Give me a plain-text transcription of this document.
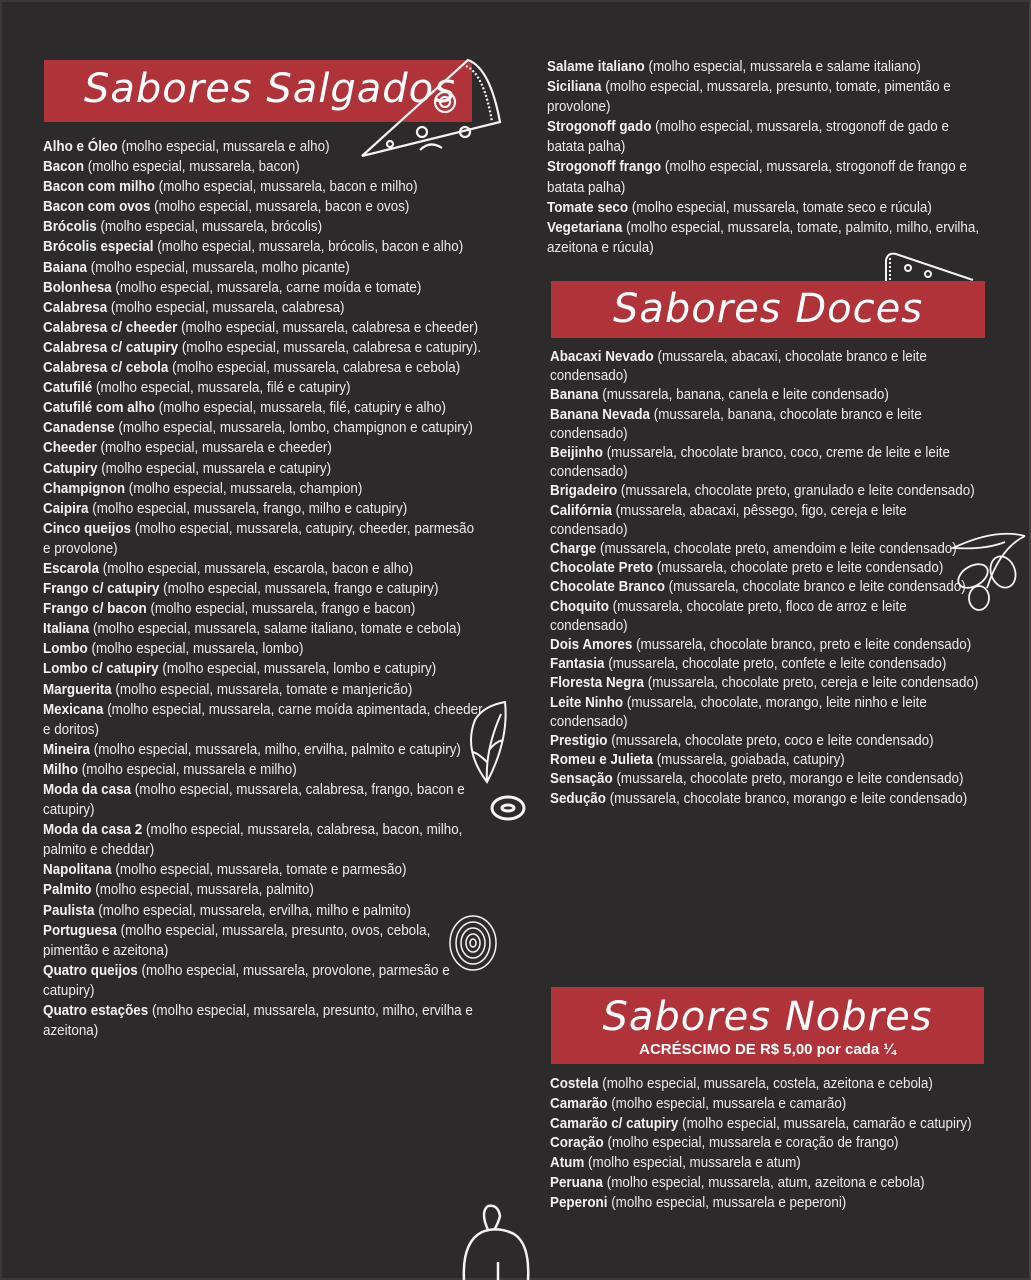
Sabores Salgados

Alho e Óleo (molho especial, mussarela e alho)

Bacon (molho especial, mussarela, bacon)

Bacon com milho (molho especial, mussarela, bacon e milho)

Bacon com ovos (molho especial, mussarela, bacon e ovos)

Brócolis (molho especial, mussarela, brócolis)

Brócolis especial (molho especial, mussarela, brócolis, bacon e alho)

Baiana (molho especial, mussarela, molho picante)

Bolonhesa (molho especial, mussarela, carne moída e tomate)

Calabresa (molho especial, mussarela, calabresa)

Calabresa c/ cheeder (molho especial, mussarela, calabresa e cheeder)

Calabresa c/ catupiry (molho especial, mussarela, calabresa e catupiry).

Calabresa c/ cebola (molho especial, mussarela, calabresa e cebola)

Catufilé (molho especial, mussarela, filé e catupiry)

Catufilé com alho (molho especial, mussarela, filé, catupiry e alho)

Canadense (molho especial, mussarela, lombo, champignon e catupiry)

Cheeder (molho especial, mussarela e cheeder)

Catupiry (molho especial, mussarela e catupiry)

Champignon (molho especial, mussarela, champion)

Caipira (molho especial, mussarela, frango, milho e catupiry)

Cinco queijos (molho especial, mussarela, catupiry, cheeder, parmesão e provolone)

Escarola (molho especial, mussarela, escarola, bacon e alho)

Frango c/ catupiry (molho especial, mussarela, frango e catupiry)

Frango c/ bacon (molho especial, mussarela, frango e bacon)

Italiana (molho especial, mussarela, salame italiano, tomate e cebola)

Lombo (molho especial, mussarela, lombo)

Lombo c/ catupiry (molho especial, mussarela, lombo e catupiry)

Marguerita (molho especial, mussarela, tomate e manjericão)

Mexicana (molho especial, mussarela, carne moída apimentada, cheeder e doritos)

Mineira (molho especial, mussarela, milho, ervilha, palmito e catupiry)

Milho (molho especial, mussarela e milho)

Moda da casa (molho especial, mussarela, calabresa, frango, bacon e catupiry)

Moda da casa 2 (molho especial, mussarela, calabresa, bacon, milho, palmito e cheddar)

Napolitana (molho especial, mussarela, tomate e parmesão)

Palmito (molho especial, mussarela, palmito)

Paulista (molho especial, mussarela, ervilha, milho e palmito)

Portuguesa (molho especial, mussarela, presunto, ovos, cebola, pimentão e azeitona)

Quatro queijos (molho especial, mussarela, provolone, parmesão e catupiry)

Quatro estações (molho especial, mussarela, presunto, milho, ervilha e azeitona)

Salame italiano (molho especial, mussarela e salame italiano)

Siciliana (molho especial, mussarela, presunto, tomate, pimentão e provolone)

Strogonoff gado (molho especial, mussarela, strogonoff de gado e batata palha)

Strogonoff frango (molho especial, mussarela, strogonoff de frango e batata palha)

Tomate seco (molho especial, mussarela, tomate seco e rúcula)

Vegetariana (molho especial, mussarela, tomate, palmito, milho, ervilha, azeitona e rúcula)

Sabores Doces

Abacaxi Nevado (mussarela, abacaxi, chocolate branco e leite condensado)

Banana (mussarela, banana, canela e leite condensado)

Banana Nevada (mussarela, banana, chocolate branco e leite condensado)

Beijinho (mussarela, chocolate branco, coco, creme de leite e leite condensado)

Brigadeiro (mussarela, chocolate preto, granulado e leite condensado)

Califórnia (mussarela, abacaxi, pêssego, figo, cereja e leite condensado)

Charge (mussarela, chocolate preto, amendoim e leite condensado)

Chocolate Preto (mussarela, chocolate preto e leite condensado)

Chocolate Branco (mussarela, chocolate branco e leite condensado)

Choquito (mussarela, chocolate preto, floco de arroz e leite condensado)

Dois Amores (mussarela, chocolate branco, preto e leite condensado)

Fantasia (mussarela, chocolate preto, confete e leite condensado)

Floresta Negra (mussarela, chocolate preto, cereja e leite condensado)

Leite Ninho (mussarela, chocolate, morango, leite ninho e leite condensado)

Prestigio (mussarela, chocolate preto, coco e leite condensado)

Romeu e Julieta (mussarela, goiabada, catupiry)

Sensação (mussarela, chocolate preto, morango e leite condensado)

Sedução (mussarela, chocolate branco, morango e leite condensado)

Sabores Nobres
ACRÉSCIMO DE R$ 5,00 por cada ¼

Costela (molho especial, mussarela, costela, azeitona e cebola)

Camarão (molho especial, mussarela e camarão)

Camarão c/ catupiry (molho especial, mussarela, camarão e catupiry)

Coração (molho especial, mussarela e coração de frango)

Atum (molho especial, mussarela e atum)

Peruana (molho especial, mussarela, atum, azeitona e cebola)

Peperoni (molho especial, mussarela e peperoni)
